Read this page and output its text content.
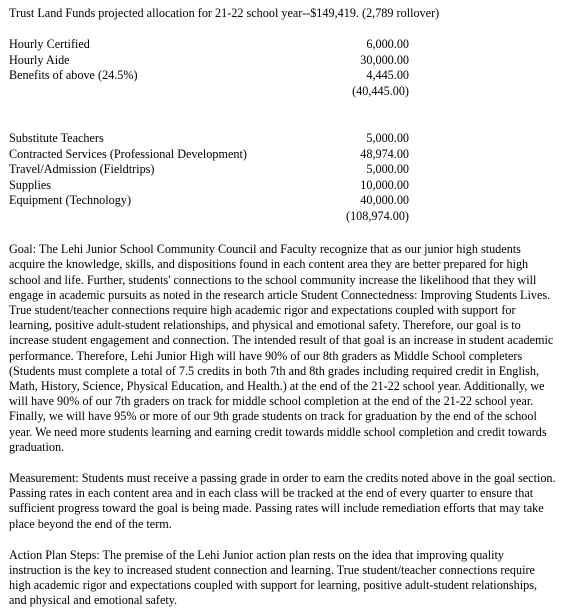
Trust Land Funds projected allocation for 21-22 school year--$149,419. (2,789 rollover)
Hourly Certified	6,000.00
Hourly Aide	30,000.00
Benefits of above (24.5%)	4,445.00
(40,445.00)
Substitute Teachers	5,000.00
Contracted Services (Professional Development)	48,974.00
Travel/Admission (Fieldtrips)	5,000.00
Supplies	10,000.00
Equipment (Technology)	40,000.00
(108,974.00)

Goal: The Lehi Junior School Community Council and Faculty recognize that as our junior high students acquire the knowledge, skills, and dispositions found in each content area they are better prepared for high school and life. Further, students' connections to the school community increase the likelihood that they will engage in academic pursuits as noted in the research article Student Connectedness: Improving Students Lives. True student/teacher connections require high academic rigor and expectations coupled with support for learning, positive adult-student relationships, and physical and emotional safety. Therefore, our goal is to increase student engagement and connection. The intended result of that goal is an increase in student academic performance. Therefore, Lehi Junior High will have 90% of our 8th graders as Middle School completers (Students must complete a total of 7.5 credits in both 7th and 8th grades including required credit in English, Math, History, Science, Physical Education, and Health.) at the end of the 21-22 school year. Additionally, we will have 90% of our 7th graders on track for middle school completion at the end of the 21-22 school year. Finally, we will have 95% or more of our 9th grade students on track for graduation by the end of the school year. We need more students learning and earning credit towards middle school completion and credit towards graduation.

Measurement: Students must receive a passing grade in order to earn the credits noted above in the goal section. Passing rates in each content area and in each class will be tracked at the end of every quarter to ensure that sufficient progress toward the goal is being made. Passing rates will include remediation efforts that may take place beyond the end of the term.

Action Plan Steps: The premise of the Lehi Junior action plan rests on the idea that improving quality instruction is the key to increased student connection and learning. True student/teacher connections require high academic rigor and expectations coupled with support for learning, positive adult-student relationships, and physical and emotional safety.
